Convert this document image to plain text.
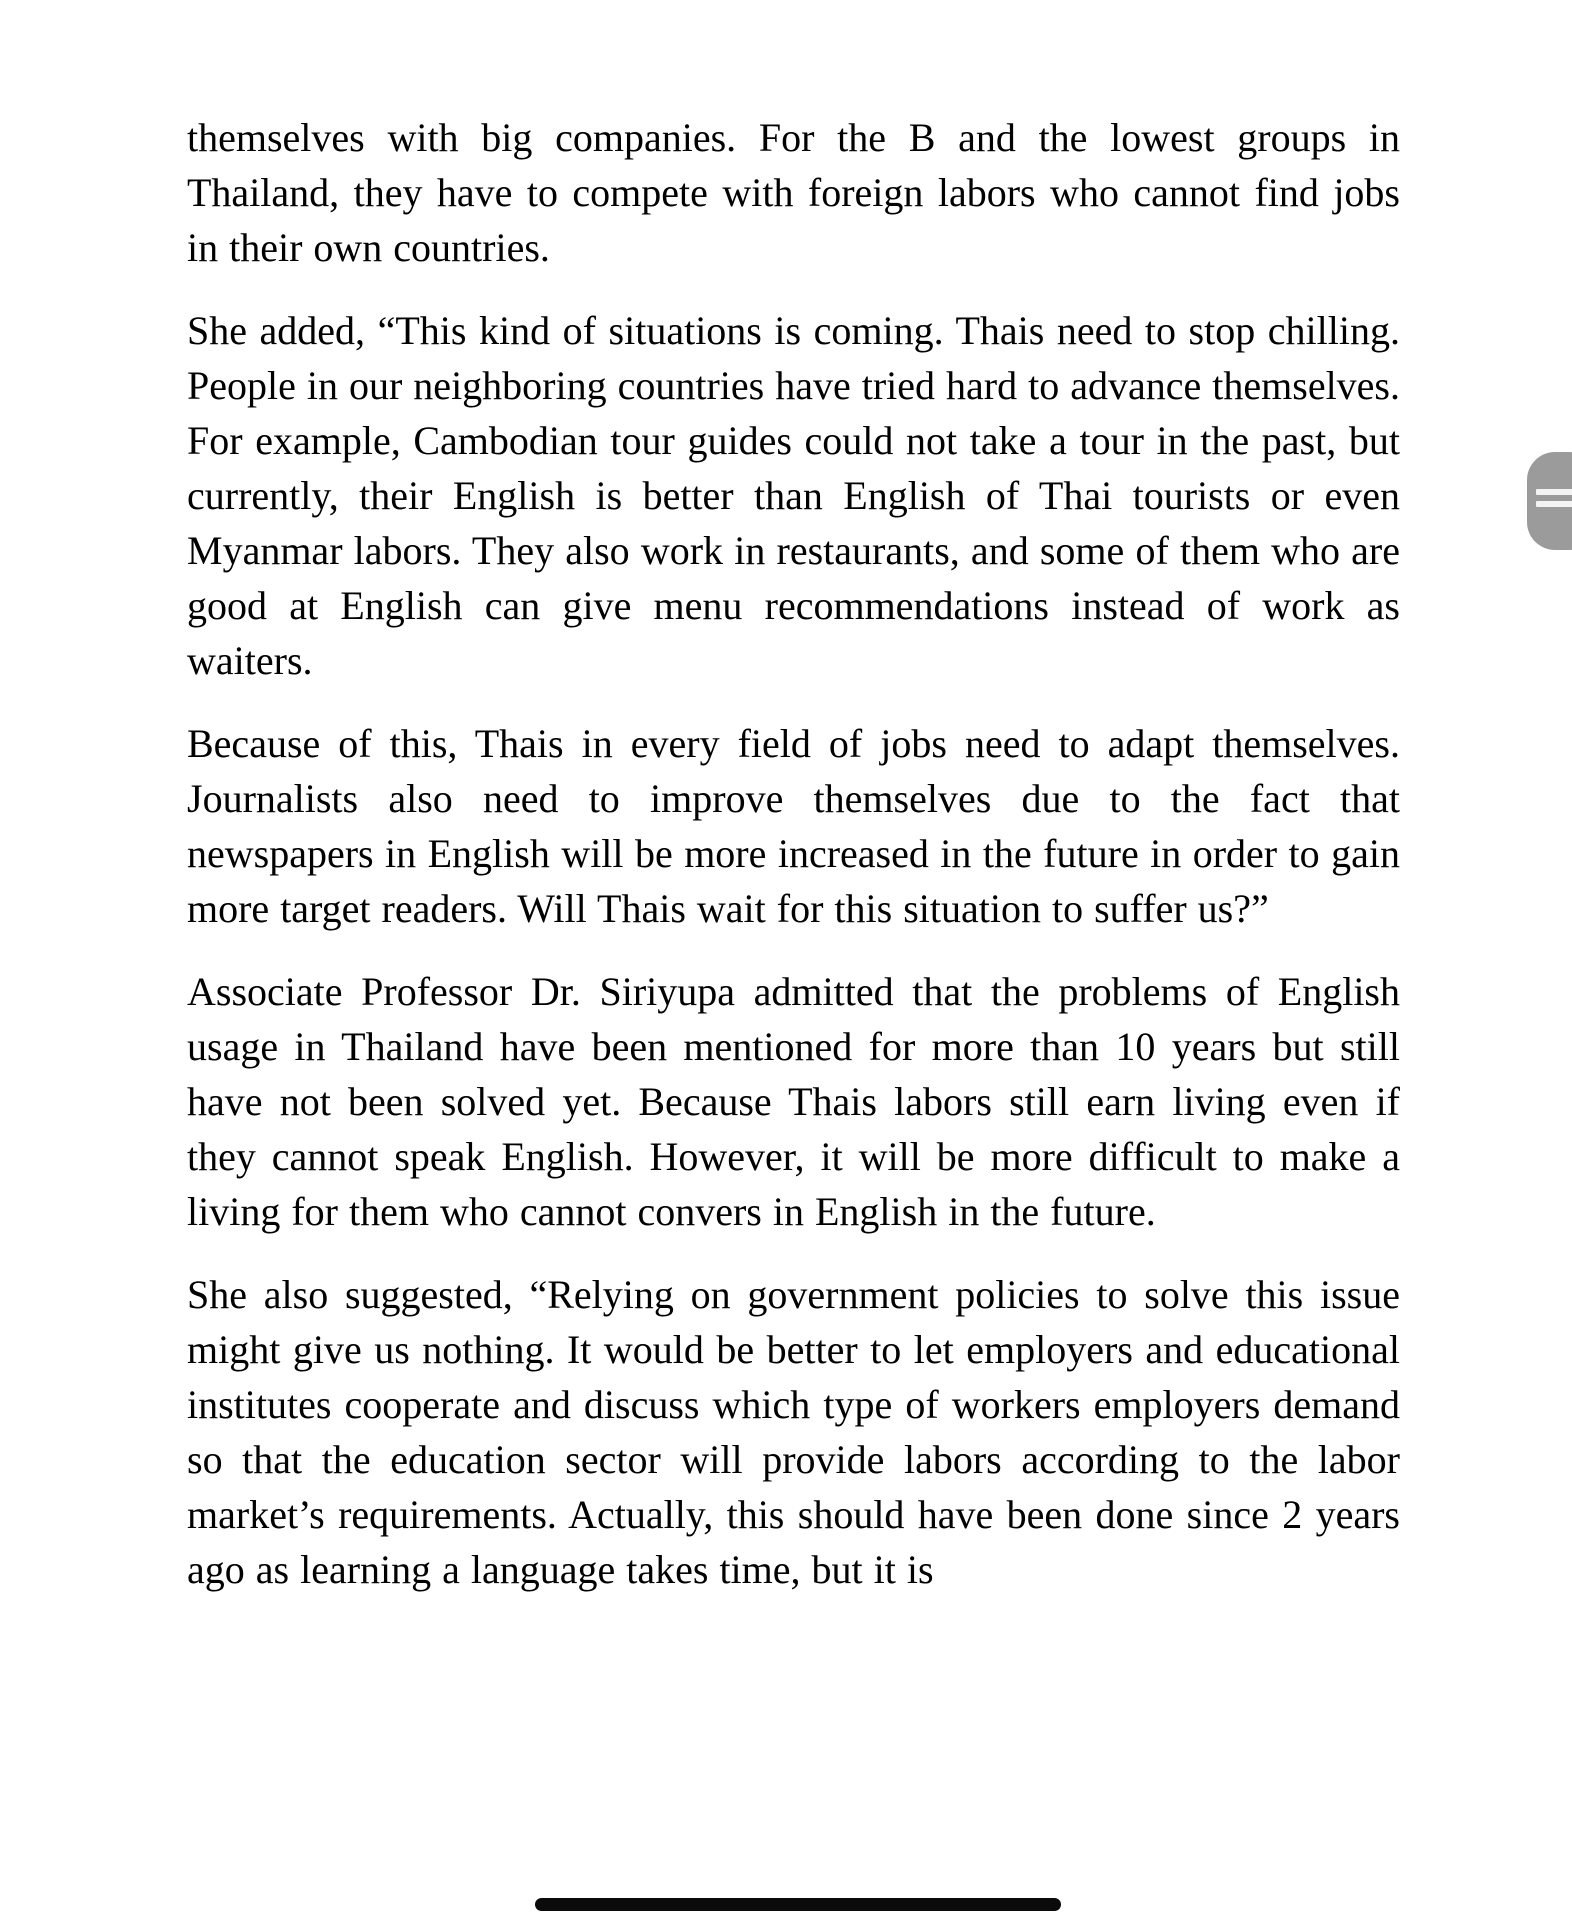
themselves with big companies. For the B and the lowest groups in Thailand, they have to compete with foreign labors who cannot find jobs in their own countries.

She added, “This kind of situations is coming. Thais need to stop chilling. People in our neighboring countries have tried hard to advance themselves. For example, Cambodian tour guides could not take a tour in the past, but currently, their English is better than English of Thai tourists or even Myanmar labors. They also work in restaurants, and some of them who are good at English can give menu recommendations instead of work as waiters.

Because of this, Thais in every field of jobs need to adapt themselves. Journalists also need to improve themselves due to the fact that newspapers in English will be more increased in the future in order to gain more target readers. Will Thais wait for this situation to suffer us?”

Associate Professor Dr. Siriyupa admitted that the problems of English usage in Thailand have been mentioned for more than 10 years but still have not been solved yet. Because Thais labors still earn living even if they cannot speak English. However, it will be more difficult to make a living for them who cannot convers in English in the future.

She also suggested, “Relying on government policies to solve this issue might give us nothing. It would be better to let employers and educational institutes cooperate and discuss which type of workers employers demand so that the education sector will provide labors according to the labor market’s requirements. Actually, this should have been done since 2 years ago as learning a language takes time, but it is
